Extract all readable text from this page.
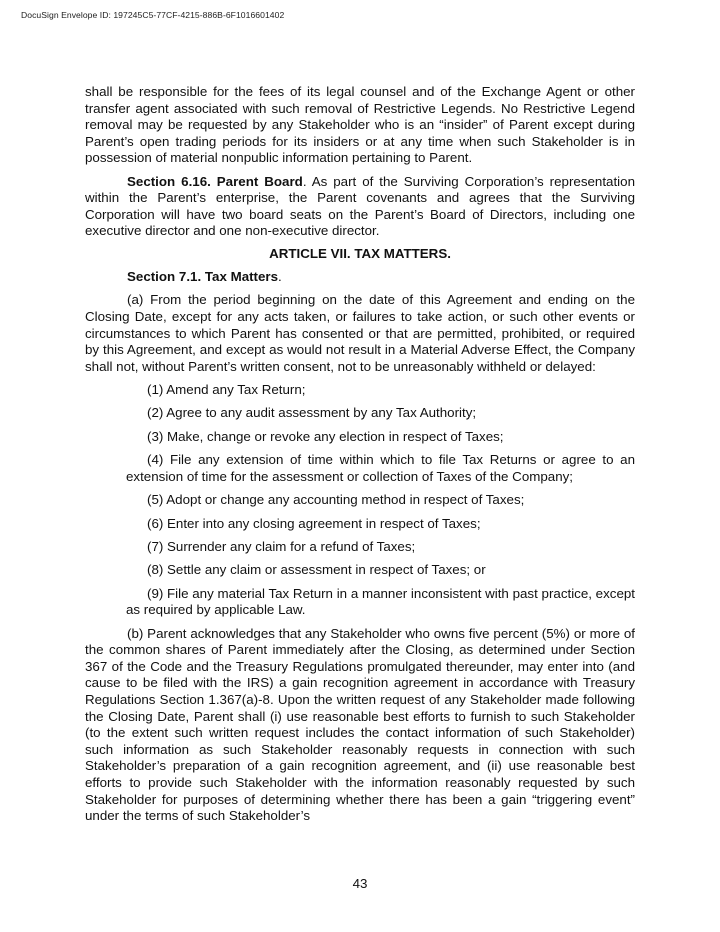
DocuSign Envelope ID: 197245C5-77CF-4215-886B-6F1016601402

shall be responsible for the fees of its legal counsel and of the Exchange Agent or other transfer agent associated with such removal of Restrictive Legends. No Restrictive Legend removal may be requested by any Stakeholder who is an “insider” of Parent except during Parent’s open trading periods for its insiders or at any time when such Stakeholder is in possession of material nonpublic information pertaining to Parent.

Section 6.16. Parent Board. As part of the Surviving Corporation’s representation within the Parent’s enterprise, the Parent covenants and agrees that the Surviving Corporation will have two board seats on the Parent’s Board of Directors, including one executive director and one non-executive director.

ARTICLE VII. TAX MATTERS.

Section 7.1. Tax Matters.

(a) From the period beginning on the date of this Agreement and ending on the Closing Date, except for any acts taken, or failures to take action, or such other events or circumstances to which Parent has consented or that are permitted, prohibited, or required by this Agreement, and except as would not result in a Material Adverse Effect, the Company shall not, without Parent’s written consent, not to be unreasonably withheld or delayed:

(1) Amend any Tax Return;

(2) Agree to any audit assessment by any Tax Authority;

(3) Make, change or revoke any election in respect of Taxes;

(4) File any extension of time within which to file Tax Returns or agree to an extension of time for the assessment or collection of Taxes of the Company;

(5) Adopt or change any accounting method in respect of Taxes;

(6) Enter into any closing agreement in respect of Taxes;

(7) Surrender any claim for a refund of Taxes;

(8) Settle any claim or assessment in respect of Taxes; or

(9) File any material Tax Return in a manner inconsistent with past practice, except as required by applicable Law.

(b) Parent acknowledges that any Stakeholder who owns five percent (5%) or more of the common shares of Parent immediately after the Closing, as determined under Section 367 of the Code and the Treasury Regulations promulgated thereunder, may enter into (and cause to be filed with the IRS) a gain recognition agreement in accordance with Treasury Regulations Section 1.367(a)-8. Upon the written request of any Stakeholder made following the Closing Date, Parent shall (i) use reasonable best efforts to furnish to such Stakeholder (to the extent such written request includes the contact information of such Stakeholder) such information as such Stakeholder reasonably requests in connection with such Stakeholder’s preparation of a gain recognition agreement, and (ii) use reasonable best efforts to provide such Stakeholder with the information reasonably requested by such Stakeholder for purposes of determining whether there has been a gain “triggering event” under the terms of such Stakeholder’s

43
